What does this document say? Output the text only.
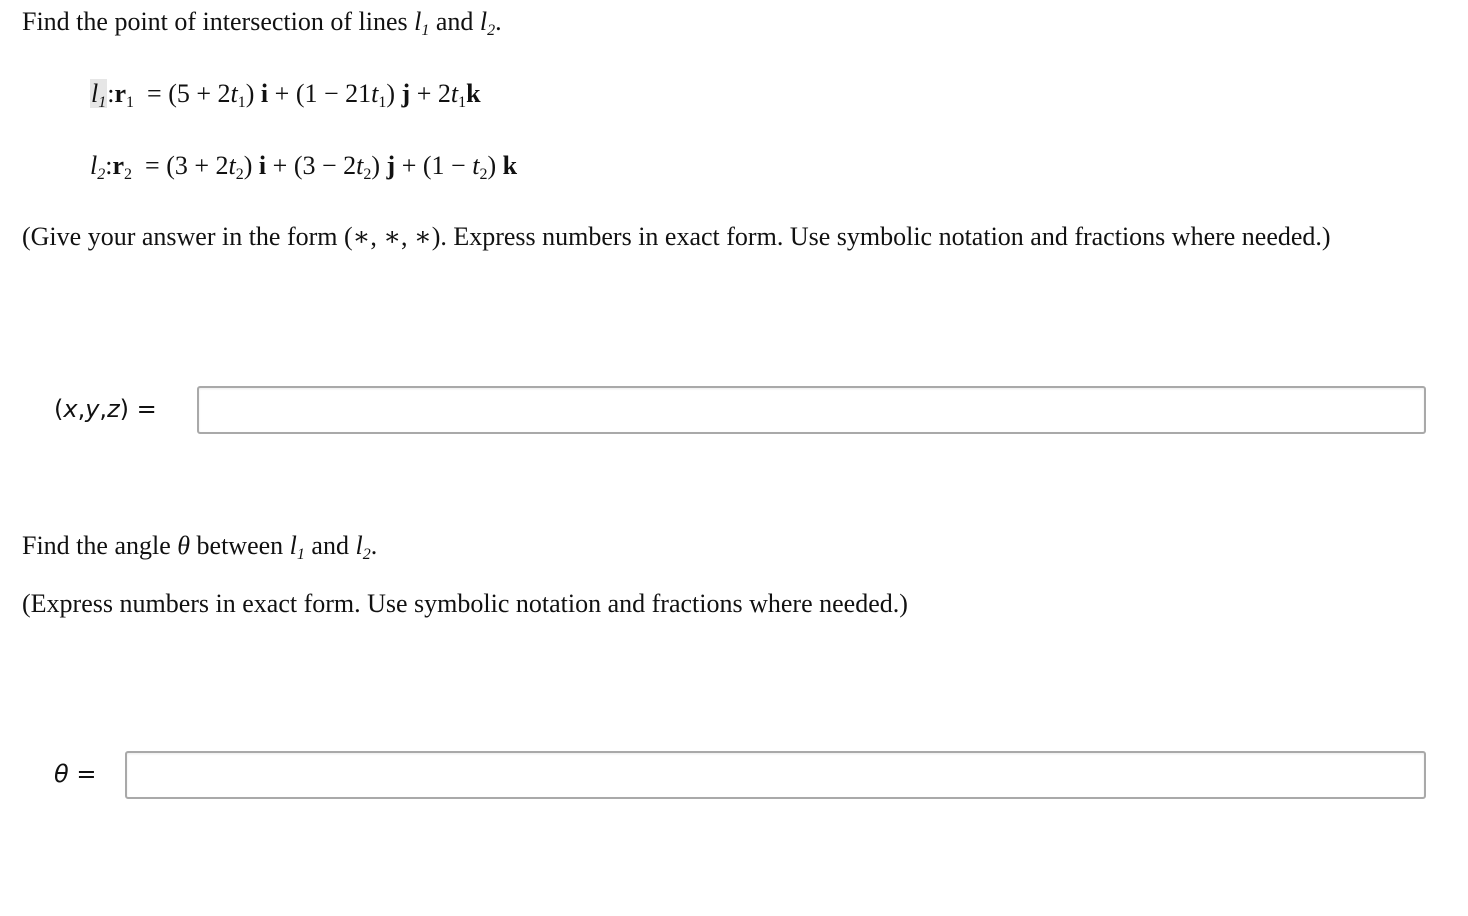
Find the point of intersection of lines $l_1$ and $l_2$.
$l_1:r_1 = (5 + 2t_1) i + (1 - 21t_1) j + 2t_1k$
$l_2:r_2 = (3 + 2t_2) i + (3 - 2t_2) j + (1 - t_2)$ k
(Give your answer in the form (∗, ∗, ∗). Express numbers in exact form. Use symbolic notation and fractions where needed.)
(x,y,z) =
Find the angle θ between $l_1$ and $l_2$.
(Express numbers in exact form. Use symbolic notation and fractions where needed.)
θ =
